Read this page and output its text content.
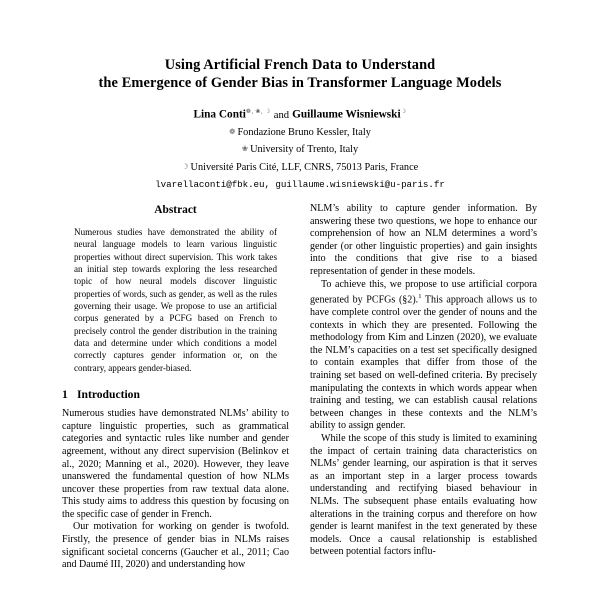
Using Artificial French Data to Understand
the Emergence of Gender Bias in Transformer Language Models
Lina Conti❁, ❀, ☽ and Guillaume Wisniewski☽
❁ Fondazione Bruno Kessler, Italy
❀ University of Trento, Italy
☽ Université Paris Cité, LLF, CNRS, 75013 Paris, France
lvarellaconti@fbk.eu, guillaume.wisniewski@u-paris.fr
Abstract
Numerous studies have demonstrated the ability of neural language models to learn various linguistic properties without direct supervision. This work takes an initial step towards exploring the less researched topic of how neural models discover linguistic properties of words, such as gender, as well as the rules governing their usage. We propose to use an artificial corpus generated by a PCFG based on French to precisely control the gender distribution in the training data and determine under which conditions a model correctly captures gender information or, on the contrary, appears gender-biased.
1 Introduction

Numerous studies have demonstrated NLMs’ ability to capture linguistic properties, such as grammatical categories and syntactic rules like number and gender agreement, without any direct supervision (Belinkov et al., 2020; Manning et al., 2020). However, they leave unanswered the fundamental question of how NLMs uncover these properties from raw textual data alone. This study aims to address this question by focusing on the specific case of gender in French.

Our motivation for working on gender is twofold. Firstly, the presence of gender bias in NLMs raises significant societal concerns (Gaucher et al., 2011; Cao and Daumé III, 2020) and understanding how

NLM’s ability to capture gender information. By answering these two questions, we hope to enhance our comprehension of how an NLM determines a word’s gender (or other linguistic properties) and gain insights into the conditions that give rise to a biased representation of gender in these models.

To achieve this, we propose to use artificial corpora generated by PCFGs (§2).$^1$ This approach allows us to have complete control over the gender of nouns and the contexts in which they are presented. Following the methodology from Kim and Linzen (2020), we evaluate the NLM’s capacities on a test set specifically designed to contain examples that differ from those of the training set based on well-defined criteria. By precisely manipulating the contexts in which words appear when training and testing, we can establish causal relations between changes in these contexts and the NLM’s ability to assign gender.

While the scope of this study is limited to examining the impact of certain training data characteristics on NLMs’ gender learning, our aspiration is that it serves as an important step in a larger process towards understanding and rectifying biased behaviour in NLMs. The subsequent phase entails evaluating how alterations in the training corpus and therefore on how gender is learnt manifest in the text generated by these models. Once a causal relationship is established between potential factors influ-
